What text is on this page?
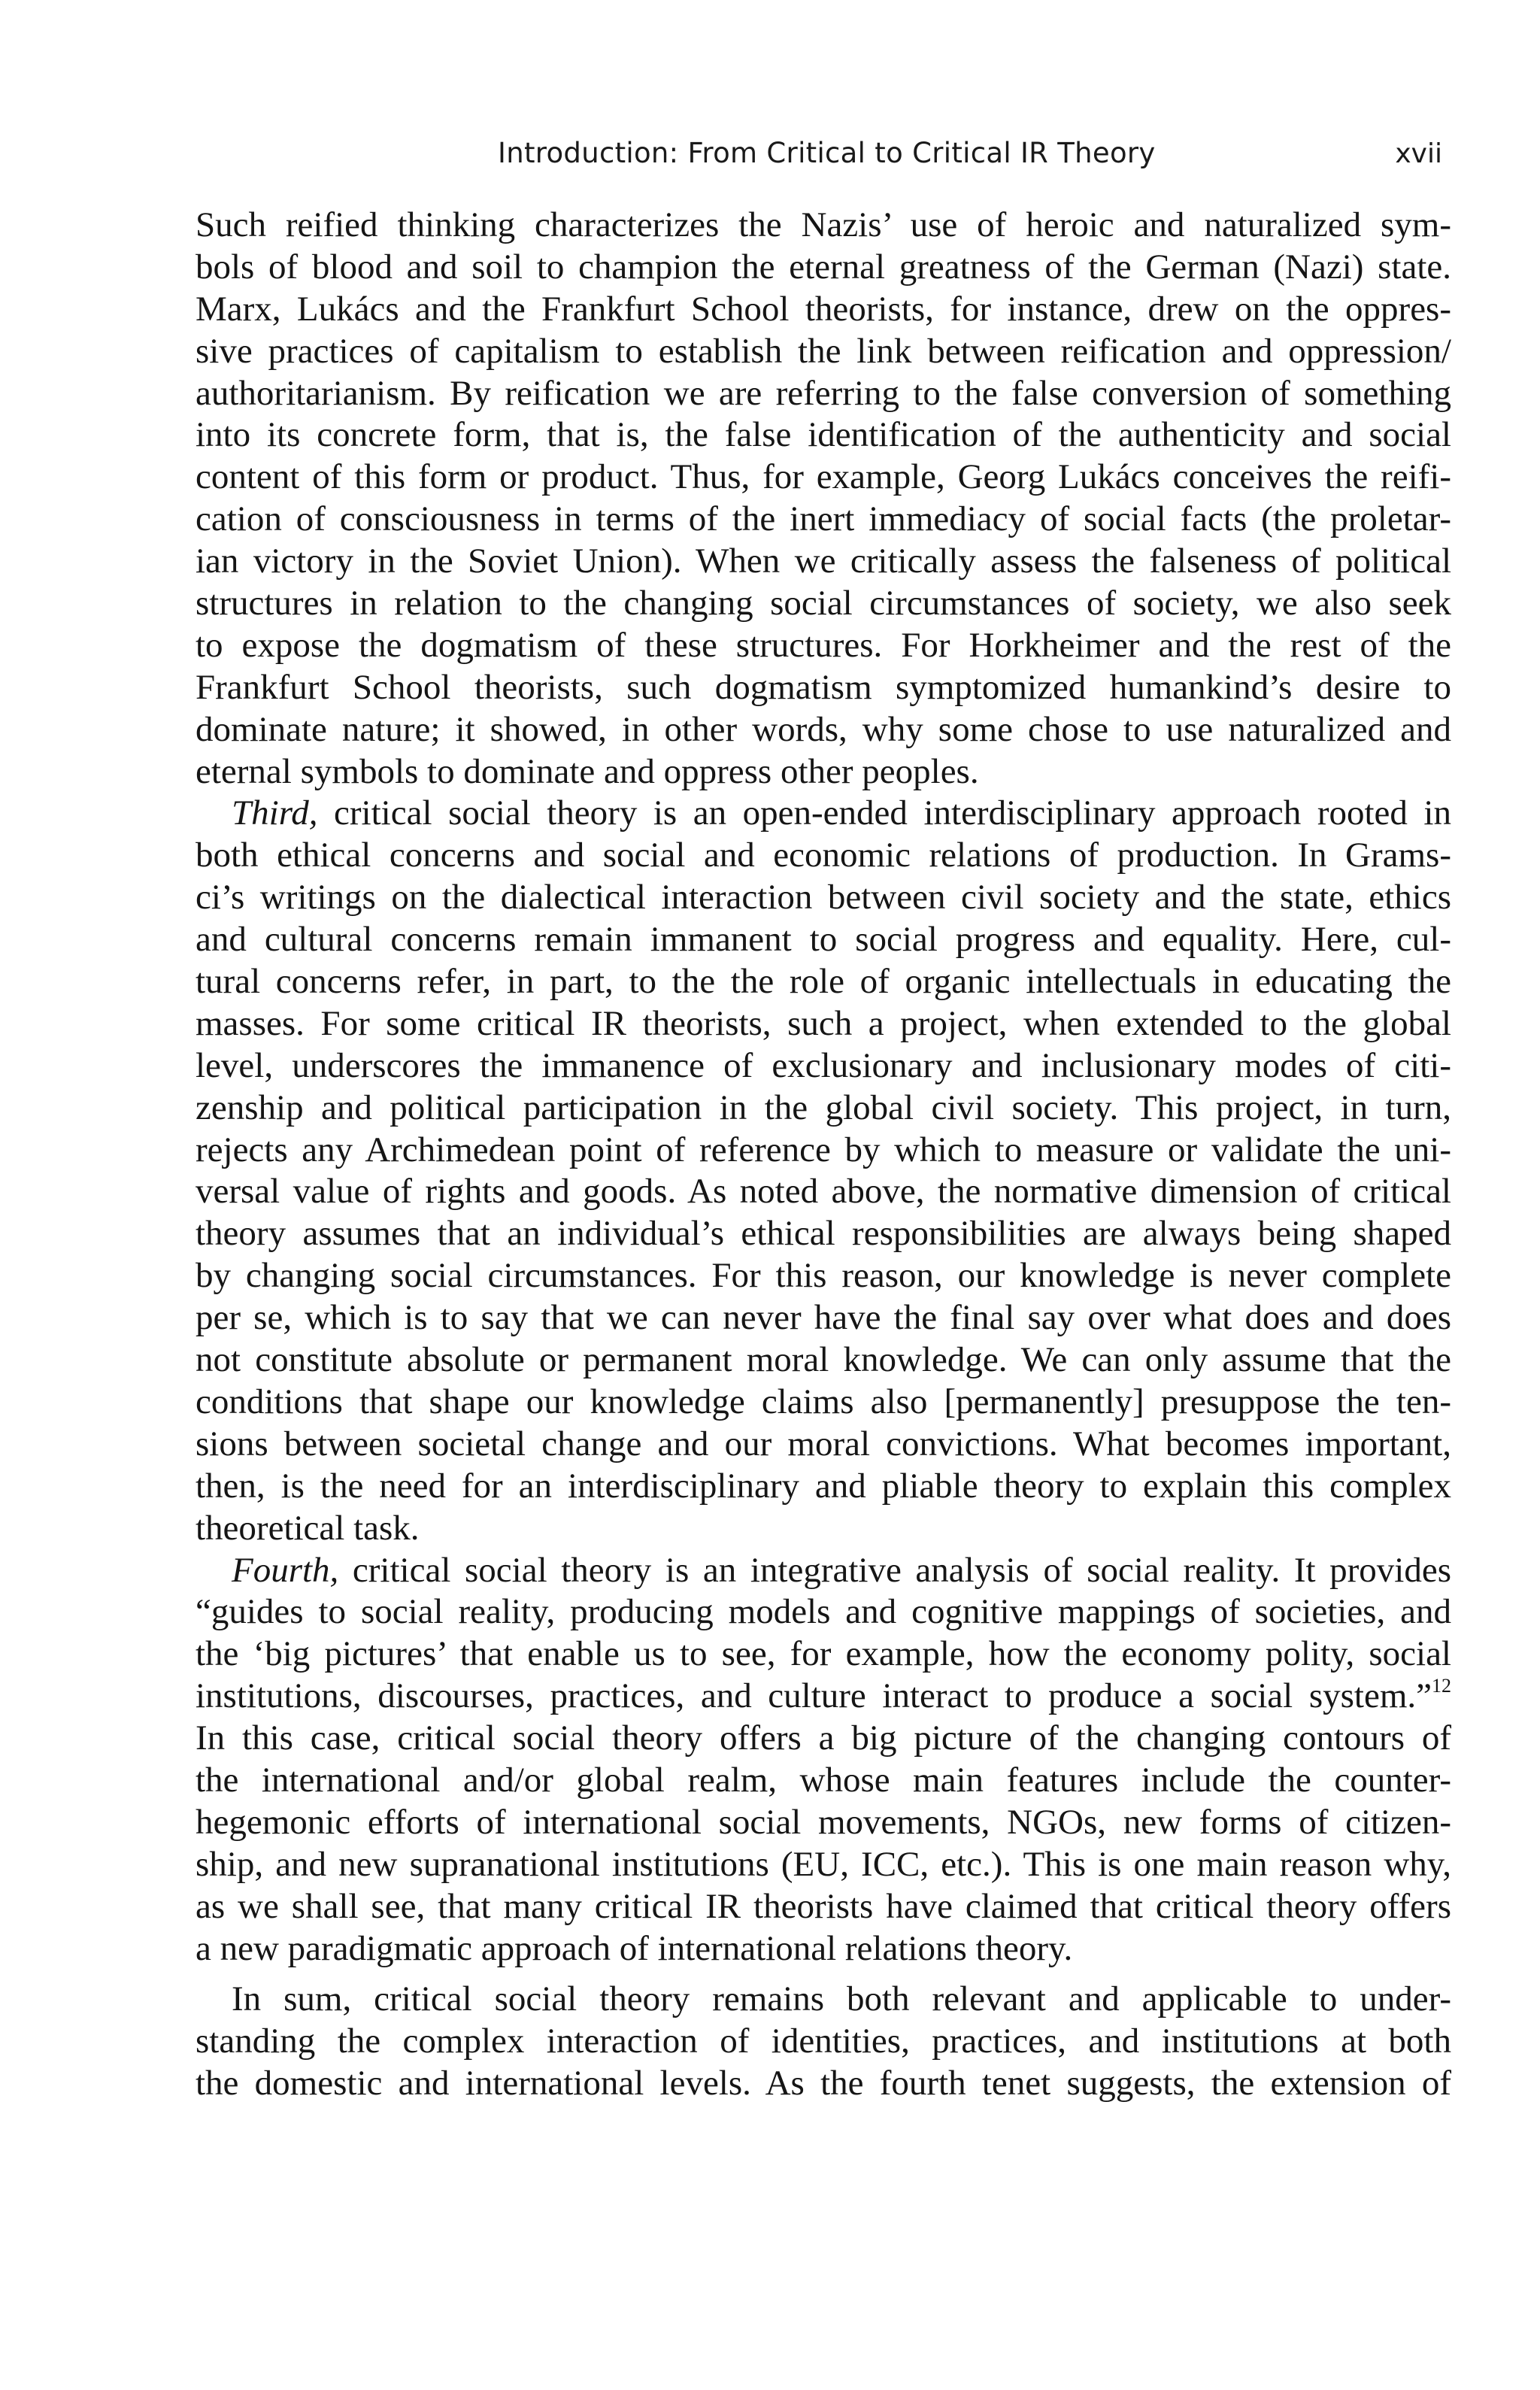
Introduction: From Critical to Critical IR Theory	xvii
Such reified thinking characterizes the Nazis’ use of heroic and naturalized sym-
bols of blood and soil to champion the eternal greatness of the German (Nazi) state.
Marx, Lukács and the Frankfurt School theorists, for instance, drew on the oppres-
sive practices of capitalism to establish the link between reification and oppression/
authoritarianism. By reification we are referring to the false conversion of something
into its concrete form, that is, the false identification of the authenticity and social
content of this form or product. Thus, for example, Georg Lukács conceives the reifi-
cation of consciousness in terms of the inert immediacy of social facts (the proletar-
ian victory in the Soviet Union). When we critically assess the falseness of political
structures in relation to the changing social circumstances of society, we also seek
to expose the dogmatism of these structures. For Horkheimer and the rest of the
Frankfurt School theorists, such dogmatism symptomized humankind’s desire to
dominate nature; it showed, in other words, why some chose to use naturalized and
eternal symbols to dominate and oppress other peoples.
Third, critical social theory is an open-ended interdisciplinary approach rooted in
both ethical concerns and social and economic relations of production. In Grams-
ci’s writings on the dialectical interaction between civil society and the state, ethics
and cultural concerns remain immanent to social progress and equality. Here, cul-
tural concerns refer, in part, to the the role of organic intellectuals in educating the
masses. For some critical IR theorists, such a project, when extended to the global
level, underscores the immanence of exclusionary and inclusionary modes of citi-
zenship and political participation in the global civil society. This project, in turn,
rejects any Archimedean point of reference by which to measure or validate the uni-
versal value of rights and goods. As noted above, the normative dimension of critical
theory assumes that an individual’s ethical responsibilities are always being shaped
by changing social circumstances. For this reason, our knowledge is never complete
per se, which is to say that we can never have the final say over what does and does
not constitute absolute or permanent moral knowledge. We can only assume that the
conditions that shape our knowledge claims also [permanently] presuppose the ten-
sions between societal change and our moral convictions. What becomes important,
then, is the need for an interdisciplinary and pliable theory to explain this complex
theoretical task.
Fourth, critical social theory is an integrative analysis of social reality. It provides
“guides to social reality, producing models and cognitive mappings of societies, and
the ‘big pictures’ that enable us to see, for example, how the economy polity, social
institutions, discourses, practices, and culture interact to produce a social system.”$^{12}$
In this case, critical social theory offers a big picture of the changing contours of
the international and/or global realm, whose main features include the counter-
hegemonic efforts of international social movements, NGOs, new forms of citizen-
ship, and new supranational institutions (EU, ICC, etc.). This is one main reason why,
as we shall see, that many critical IR theorists have claimed that critical theory offers
a new paradigmatic approach of international relations theory.
In sum, critical social theory remains both relevant and applicable to under-
standing the complex interaction of identities, practices, and institutions at both
the domestic and international levels. As the fourth tenet suggests, the extension of
